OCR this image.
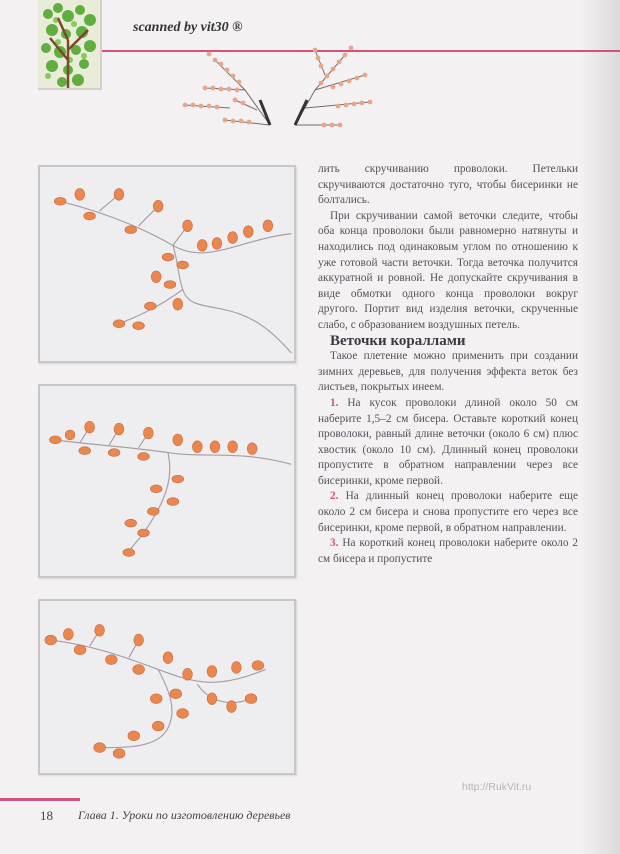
scanned by vit30 ®

лить скручиванию проволоки. Петельки скручиваются достаточно туго, чтобы бисеринки не болтались.

При скручивании самой веточки следите, чтобы оба конца проволоки были равномерно натянуты и находились под одинаковым углом по отношению к уже готовой части веточки. Тогда веточка получится аккуратной и ровной. Не допускайте скручивания в виде обмотки одного конца проволоки вокруг другого. Портит вид изделия веточки, скрученные слабо, с образованием воздушных петель.

Веточки кораллами

Такое плетение можно применить при создании зимних деревьев, для получения эффекта веток без листьев, покрытых инеем.

1. На кусок проволоки длиной около 50 см наберите 1,5–2 см бисера. Оставьте короткий конец проволоки, равный длине веточки (около 6 см) плюс хвостик (около 10 см). Длинный конец проволоки пропустите в обратном направлении через все бисеринки, кроме первой.

2. На длинный конец проволоки наберите еще около 2 см бисера и снова пропустите его через все бисеринки, кроме первой, в обратном направлении.

3. На короткий конец проволоки наберите около 2 см бисера и пропустите

http://RukVit.ru
18 Глава 1. Уроки по изготовлению деревьев
